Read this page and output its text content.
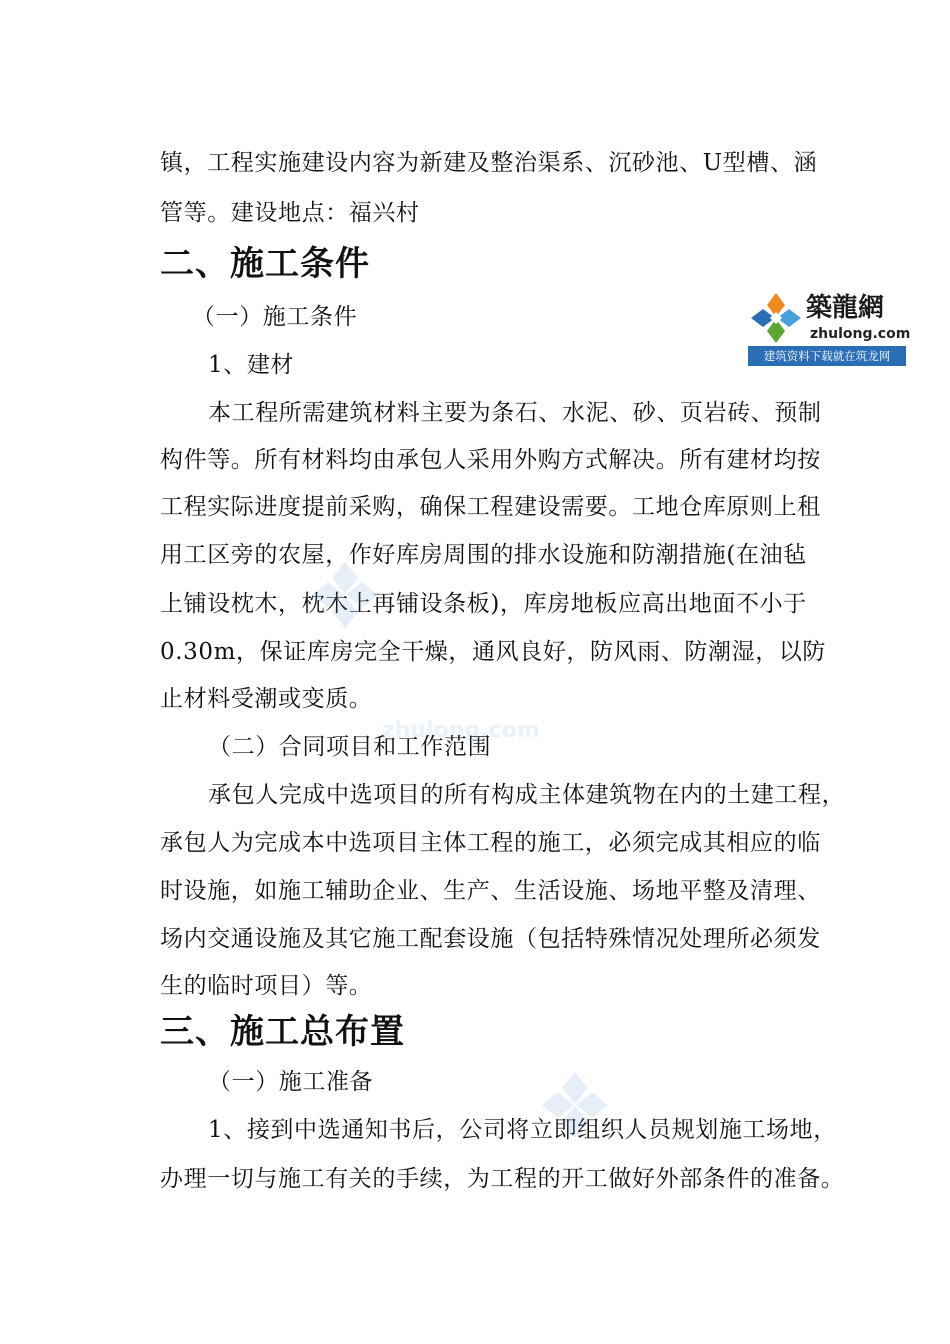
镇，工程实施建设内容为新建及整治渠系、沉砂池、U型槽、涵

管等。建设地点：福兴村

二、施工条件

（一）施工条件

1、建材

本工程所需建筑材料主要为条石、水泥、砂、页岩砖、预制

构件等。所有材料均由承包人采用外购方式解决。所有建材均按

工程实际进度提前采购，确保工程建设需要。工地仓库原则上租

用工区旁的农屋，作好库房周围的排水设施和防潮措施(在油毡

上铺设枕木，枕木上再铺设条板)，库房地板应高出地面不小于

0.30m，保证库房完全干燥，通风良好，防风雨、防潮湿，以防

止材料受潮或变质。

（二）合同项目和工作范围

承包人完成中选项目的所有构成主体建筑物在内的土建工程，

承包人为完成本中选项目主体工程的施工，必须完成其相应的临

时设施，如施工辅助企业、生产、生活设施、场地平整及清理、

场内交通设施及其它施工配套设施（包括特殊情况处理所必须发

生的临时项目）等。

三、施工总布置

（一）施工准备

1、接到中选通知书后，公司将立即组织人员规划施工场地，

办理一切与施工有关的手续，为工程的开工做好外部条件的准备。

zhulong.com
築龍網
zhulong.com
建筑资料下载就在筑龙网
